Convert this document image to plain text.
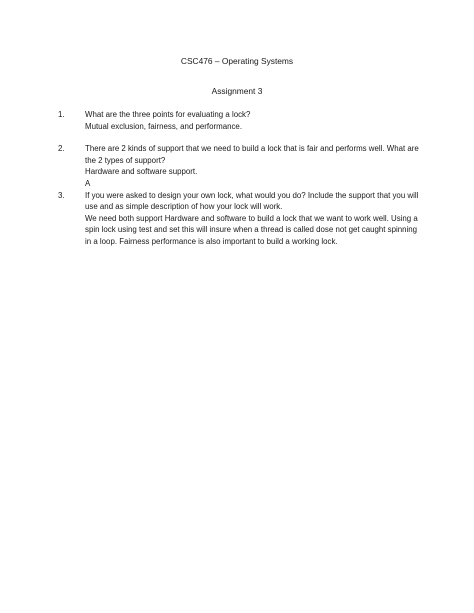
CSC476 – Operating Systems
Assignment 3
1.	What are the three points for evaluating a lock?
Mutual exclusion, fairness, and performance.
2.	There are 2 kinds of support that we need to build a lock that is fair and performs well. What are
the 2 types of support?
Hardware and software support.
A
3.	If you were asked to design your own lock, what would you do? Include the support that you will
use and as simple description of how your lock will work.
We need both support Hardware and software to build a lock that we want to work well. Using a
spin lock using test and set this will insure when a thread is called dose not get caught spinning
in a loop. Fairness performance is also important to build a working lock.
